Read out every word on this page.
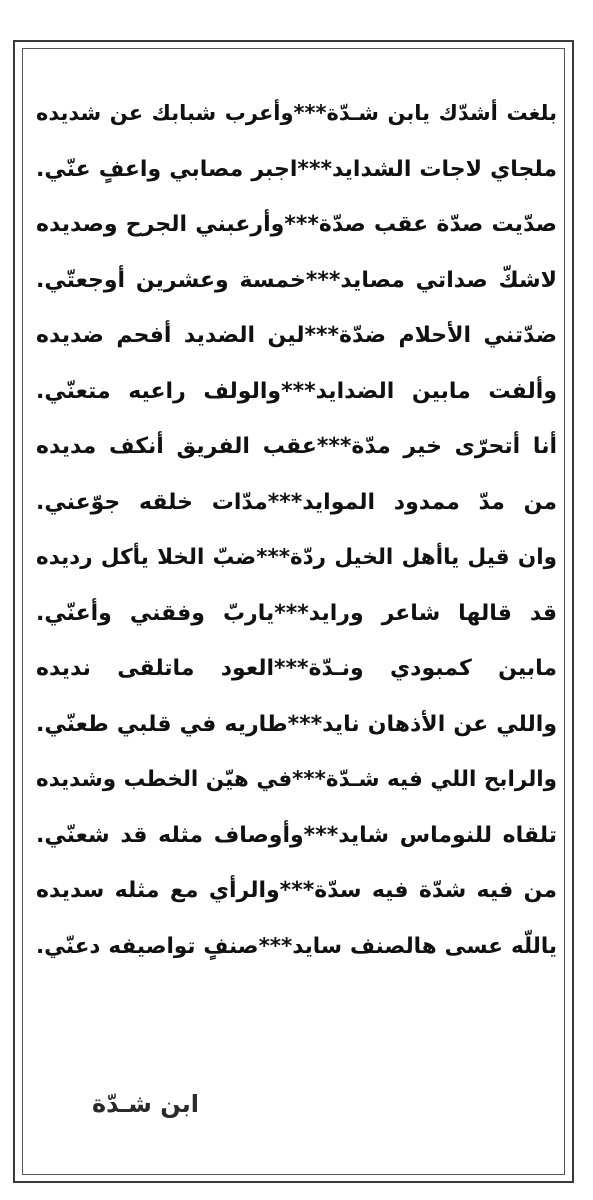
بلغت أشدّك يابن شـدّة***وأعرب شبابك عن شديده
ملجاي لاجات الشدايد***اجبر مصابي واعفٍ عنّي.
صدّيت صدّة عقب صدّة***وأرعبني الجرح وصديده
لاشكّ صداتي مصايد***خمسة وعشرين أوجعتّي.
ضدّتني الأحلام ضدّة***لين الضديد أفحم ضديده
وألفت مابين الضدايد***والولف راعيه متعنّي.
أنا أتحرّى خير مدّة***عقب الفريق أنكف مديده
من مدّ ممدود الموايد***مدّات خلقه جوّعني.
وان قيل ياأهل الخيل ردّة***ضبّ الخلا يأكل رديده
قد قالها شاعر ورايد***ياربّ وفقني وأعنّي.
مابين كمبودي ونـدّة***العود ماتلقى نديده
واللي عن الأذهان نايد***طاريه في قلبي طعنّي.
والرابح اللي فيه شـدّة***في هيّن الخطب وشديده
تلقاه للنوماس شايد***وأوصاف مثله قد شعنّي.
من فيه شدّة فيه سدّة***والرأي مع مثله سديده
ياللّه عسى هالصنف سايد***صنفٍ تواصيفه دعنّي.
ابن شـدّة
